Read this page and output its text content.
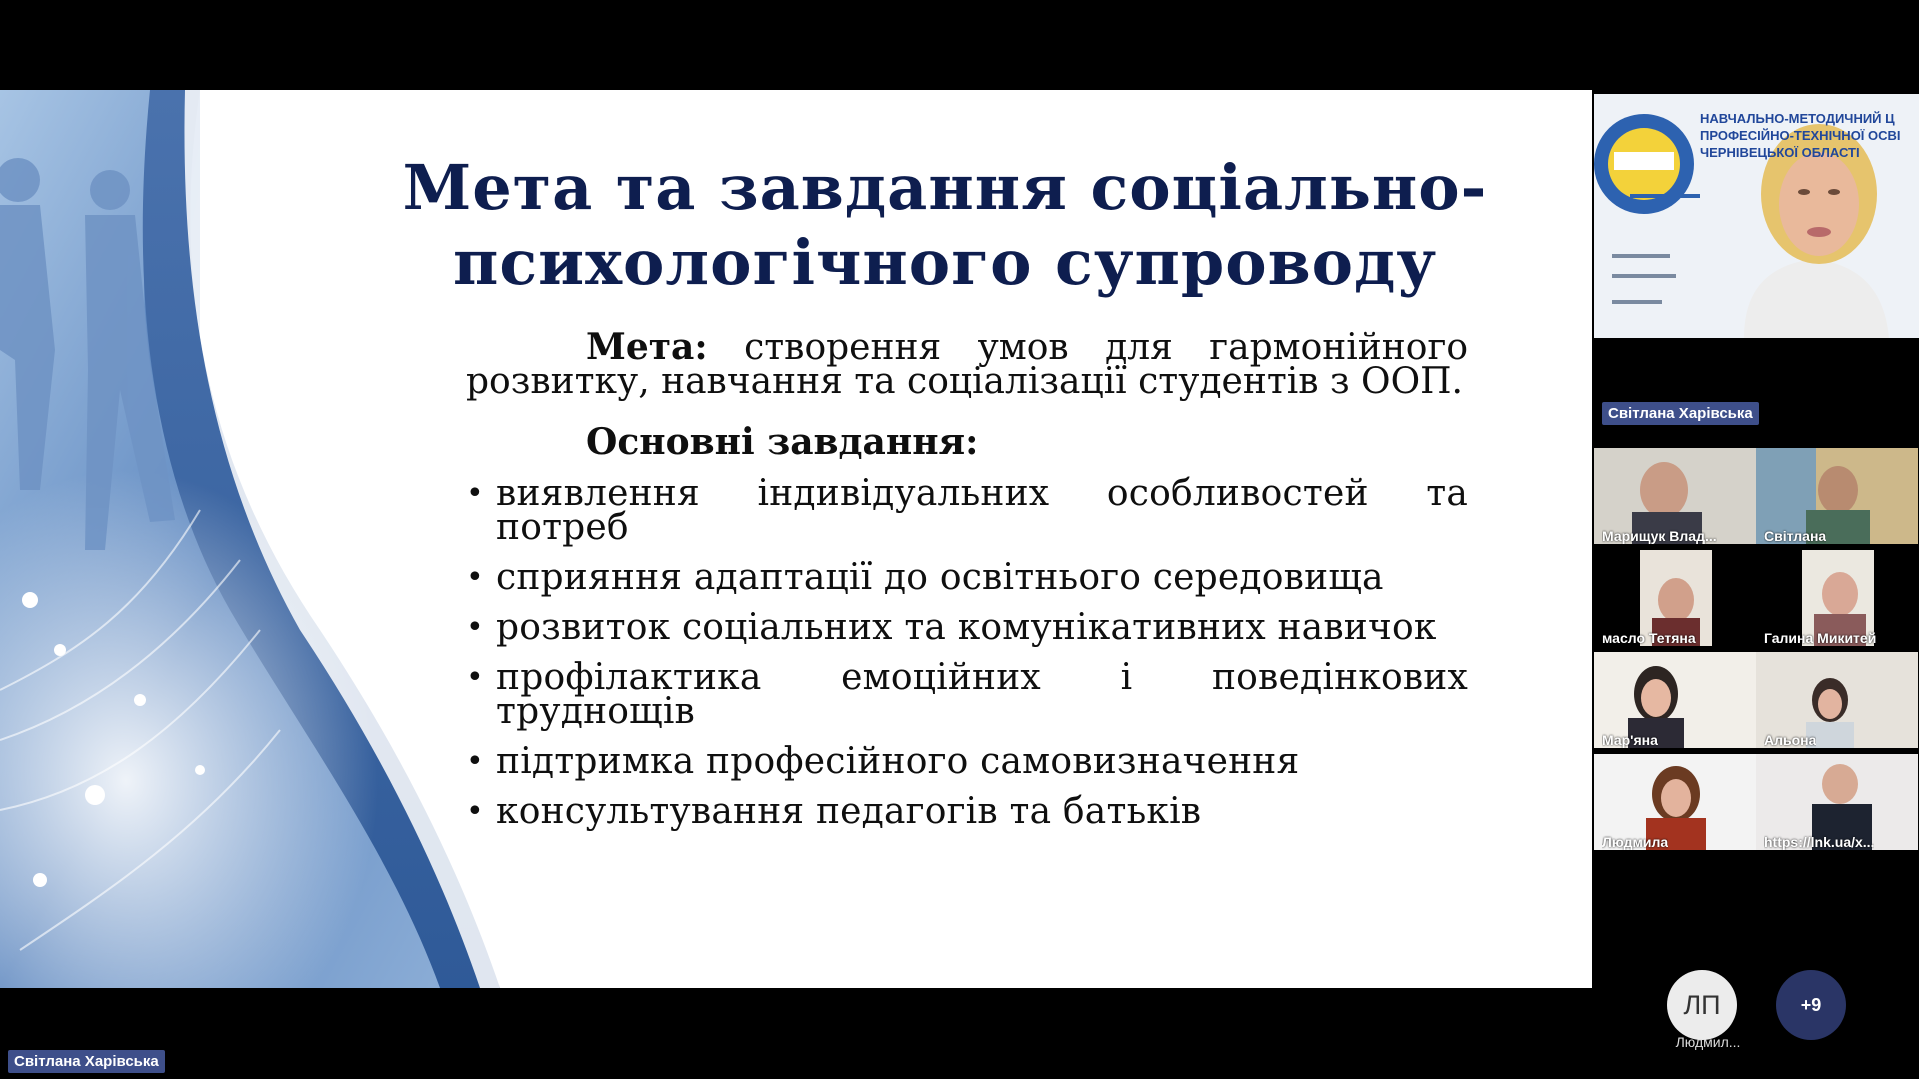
Мета та завдання соціально-
психологічного супроводу

Мета: створення умов для гармонійного розвитку, навчання та соціалізації студентів з ООП.

Основні завдання:
• виявлення індивідуальних особливостей та потреб
• сприяння адаптації до освітнього середовища
• розвиток соціальних та комунікативних навичок
• профілактика емоційних і поведінкових труднощів
• підтримка професійного самовизначення
• консультування педагогів та батьків
НАВЧАЛЬНО-МЕТОДИЧНИЙ Ц
ПРОФЕСІЙНО-ТЕХНІЧНОЇ ОСВІ
ЧЕРНІВЕЦЬКОЇ ОБЛАСТІ
Світлана Харівська
Марищук Влад...	Світлана
масло Тетяна	Галина Микитей
Мар'яна	Альона
Людмила	https://lnk.ua/x...
ЛП
Людмил...
+9
Світлана Харівська
